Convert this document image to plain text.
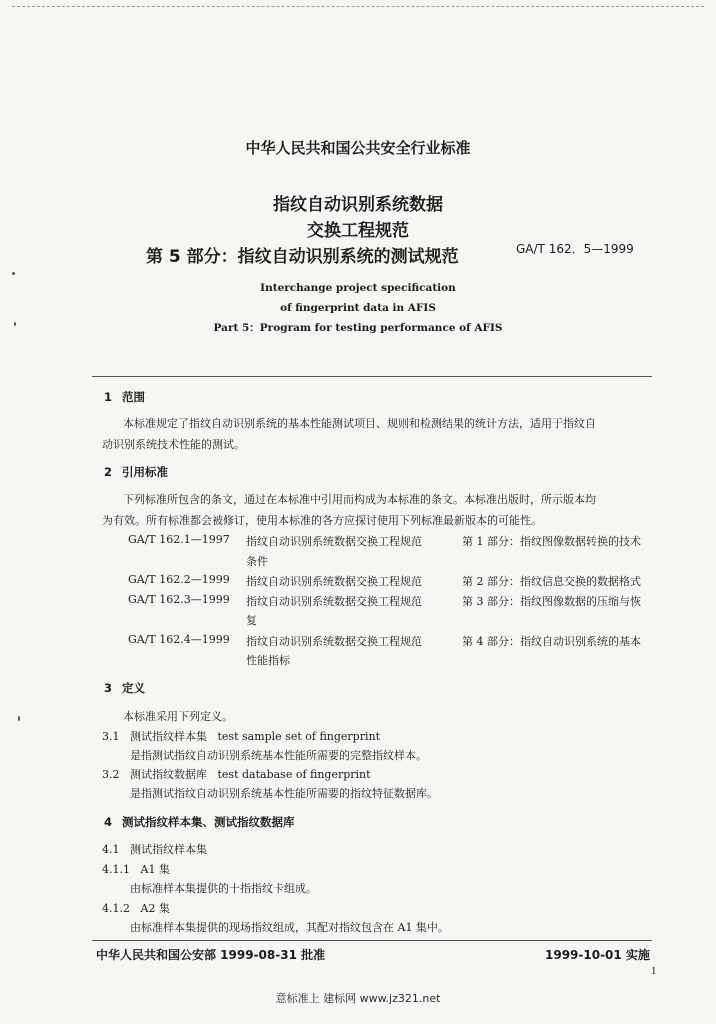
中华人民共和国公共安全行业标准
指纹自动识别系统数据
交换工程规范
第 5 部分：指纹自动识别系统的测试规范	GA/T 162．5—1999
Interchange project specification
of fingerprint data in AFIS
Part 5：Program for testing performance of AFIS
1 范围
本标准规定了指纹自动识别系统的基本性能测试项目、规则和检测结果的统计方法，适用于指纹自
动识别系统技术性能的测试。
2 引用标准
下列标准所包含的条文，通过在本标准中引用而构成为本标准的条文。本标准出版时，所示版本均
为有效。所有标准都会被修订，使用本标准的各方应探讨使用下列标准最新版本的可能性。
GA/T 162.1—1997 指纹自动识别系统数据交换工程规范	第 1 部分：指纹图像数据转换的技术
条件
GA/T 162.2—1999 指纹自动识别系统数据交换工程规范	第 2 部分：指纹信息交换的数据格式
GA/T 162.3—1999 指纹自动识别系统数据交换工程规范	第 3 部分：指纹图像数据的压缩与恢
复
GA/T 162.4—1999 指纹自动识别系统数据交换工程规范	第 4 部分：指纹自动识别系统的基本
性能指标
3 定义
本标准采用下列定义。
3.1 测试指纹样本集 test sample set of fingerprint
是指测试指纹自动识别系统基本性能所需要的完整指纹样本。
3.2 测试指纹数据库 test database of fingerprint
是指测试指纹自动识别系统基本性能所需要的指纹特征数据库。
4 测试指纹样本集、测试指纹数据库
4.1 测试指纹样本集
4.1.1 A1 集
由标准样本集提供的十指指纹卡组成。
4.1.2 A2 集
由标准样本集提供的现场指纹组成，其配对指纹包含在 A1 集中。
中华人民共和国公安部 1999-08-31 批准	1999-10-01 实施
1
意标准上 建标网 www.jz321.net
